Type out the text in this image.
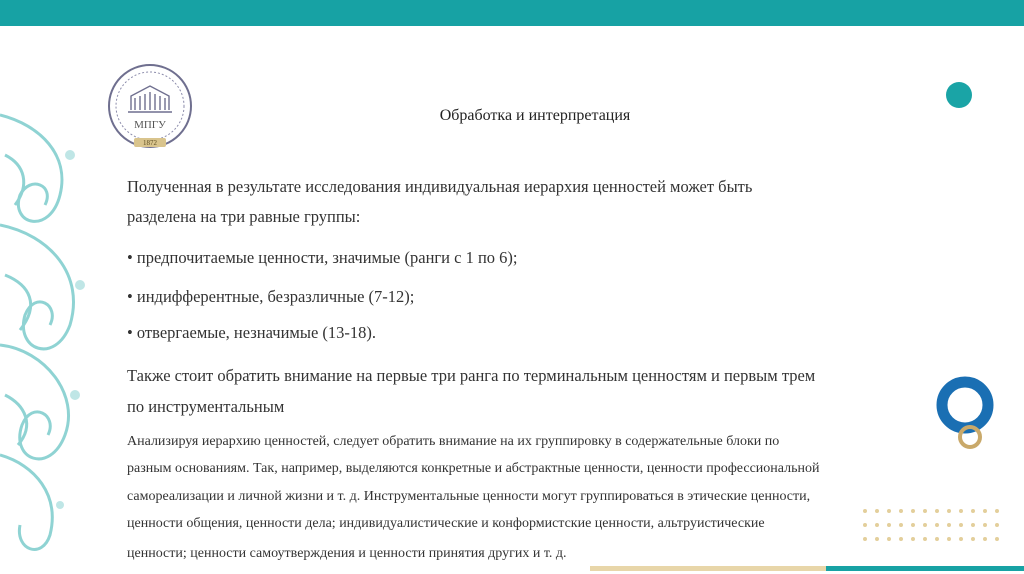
МПГУ
1872
Обработка и интерпретация

Полученная в результате исследования индивидуальная иерархия ценностей может быть

разделена на три равные группы:

• предпочитаемые ценности, значимые (ранги с 1 по 6);

• индифферентные, безразличные (7-12);

• отвергаемые, незначимые (13-18).

Также стоит обратить внимание на первые три ранга по терминальным ценностям и первым трем

по инструментальным

Анализируя иерархию ценностей, следует обратить внимание на их группировку в содержательные блоки по

разным основаниям. Так, например, выделяются конкретные и абстрактные ценности, ценности профессиональной

самореализации и личной жизни и т. д. Инструментальные ценности могут группироваться в этические ценности,

ценности общения, ценности дела; индивидуалистические и конформистские ценности, альтруистические

ценности; ценности самоутверждения и ценности принятия других и т. д.
